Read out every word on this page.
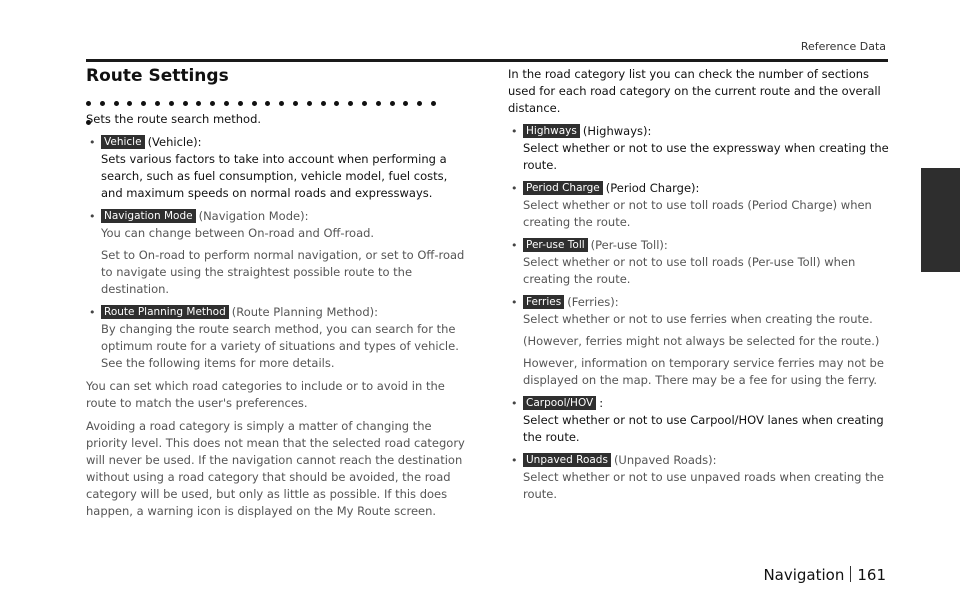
Reference Data
Route Settings

Sets the route search method.

• Vehicle (Vehicle):

Sets various factors to take into account when performing a search, such as fuel consumption, vehicle model, fuel costs, and maximum speeds on normal roads and expressways.

• Navigation Mode (Navigation Mode):

You can change between On-road and Off-road.

Set to On-road to perform normal navigation, or set to Off-road to navigate using the straightest possible route to the destination.

• Route Planning Method (Route Planning Method):

By changing the route search method, you can search for the optimum route for a variety of situations and types of vehicle. See the following items for more details.

You can set which road categories to include or to avoid in the route to match the user's preferences.

Avoiding a road category is simply a matter of changing the priority level. This does not mean that the selected road category will never be used. If the navigation cannot reach the destination without using a road category that should be avoided, the road category will be used, but only as little as possible. If this does happen, a warning icon is displayed on the My Route screen.

In the road category list you can check the number of sections used for each road category on the current route and the overall distance.

• Highways (Highways):

Select whether or not to use the expressway when creating the route.

• Period Charge (Period Charge):

Select whether or not to use toll roads (Period Charge) when creating the route.

• Per-use Toll (Per-use Toll):

Select whether or not to use toll roads (Per-use Toll) when creating the route.

• Ferries (Ferries):

Select whether or not to use ferries when creating the route.

(However, ferries might not always be selected for the route.)

However, information on temporary service ferries may not be displayed on the map. There may be a fee for using the ferry.

• Carpool/HOV :

Select whether or not to use Carpool/HOV lanes when creating the route.

• Unpaved Roads (Unpaved Roads):

Select whether or not to use unpaved roads when creating the route.

Navigation 161
